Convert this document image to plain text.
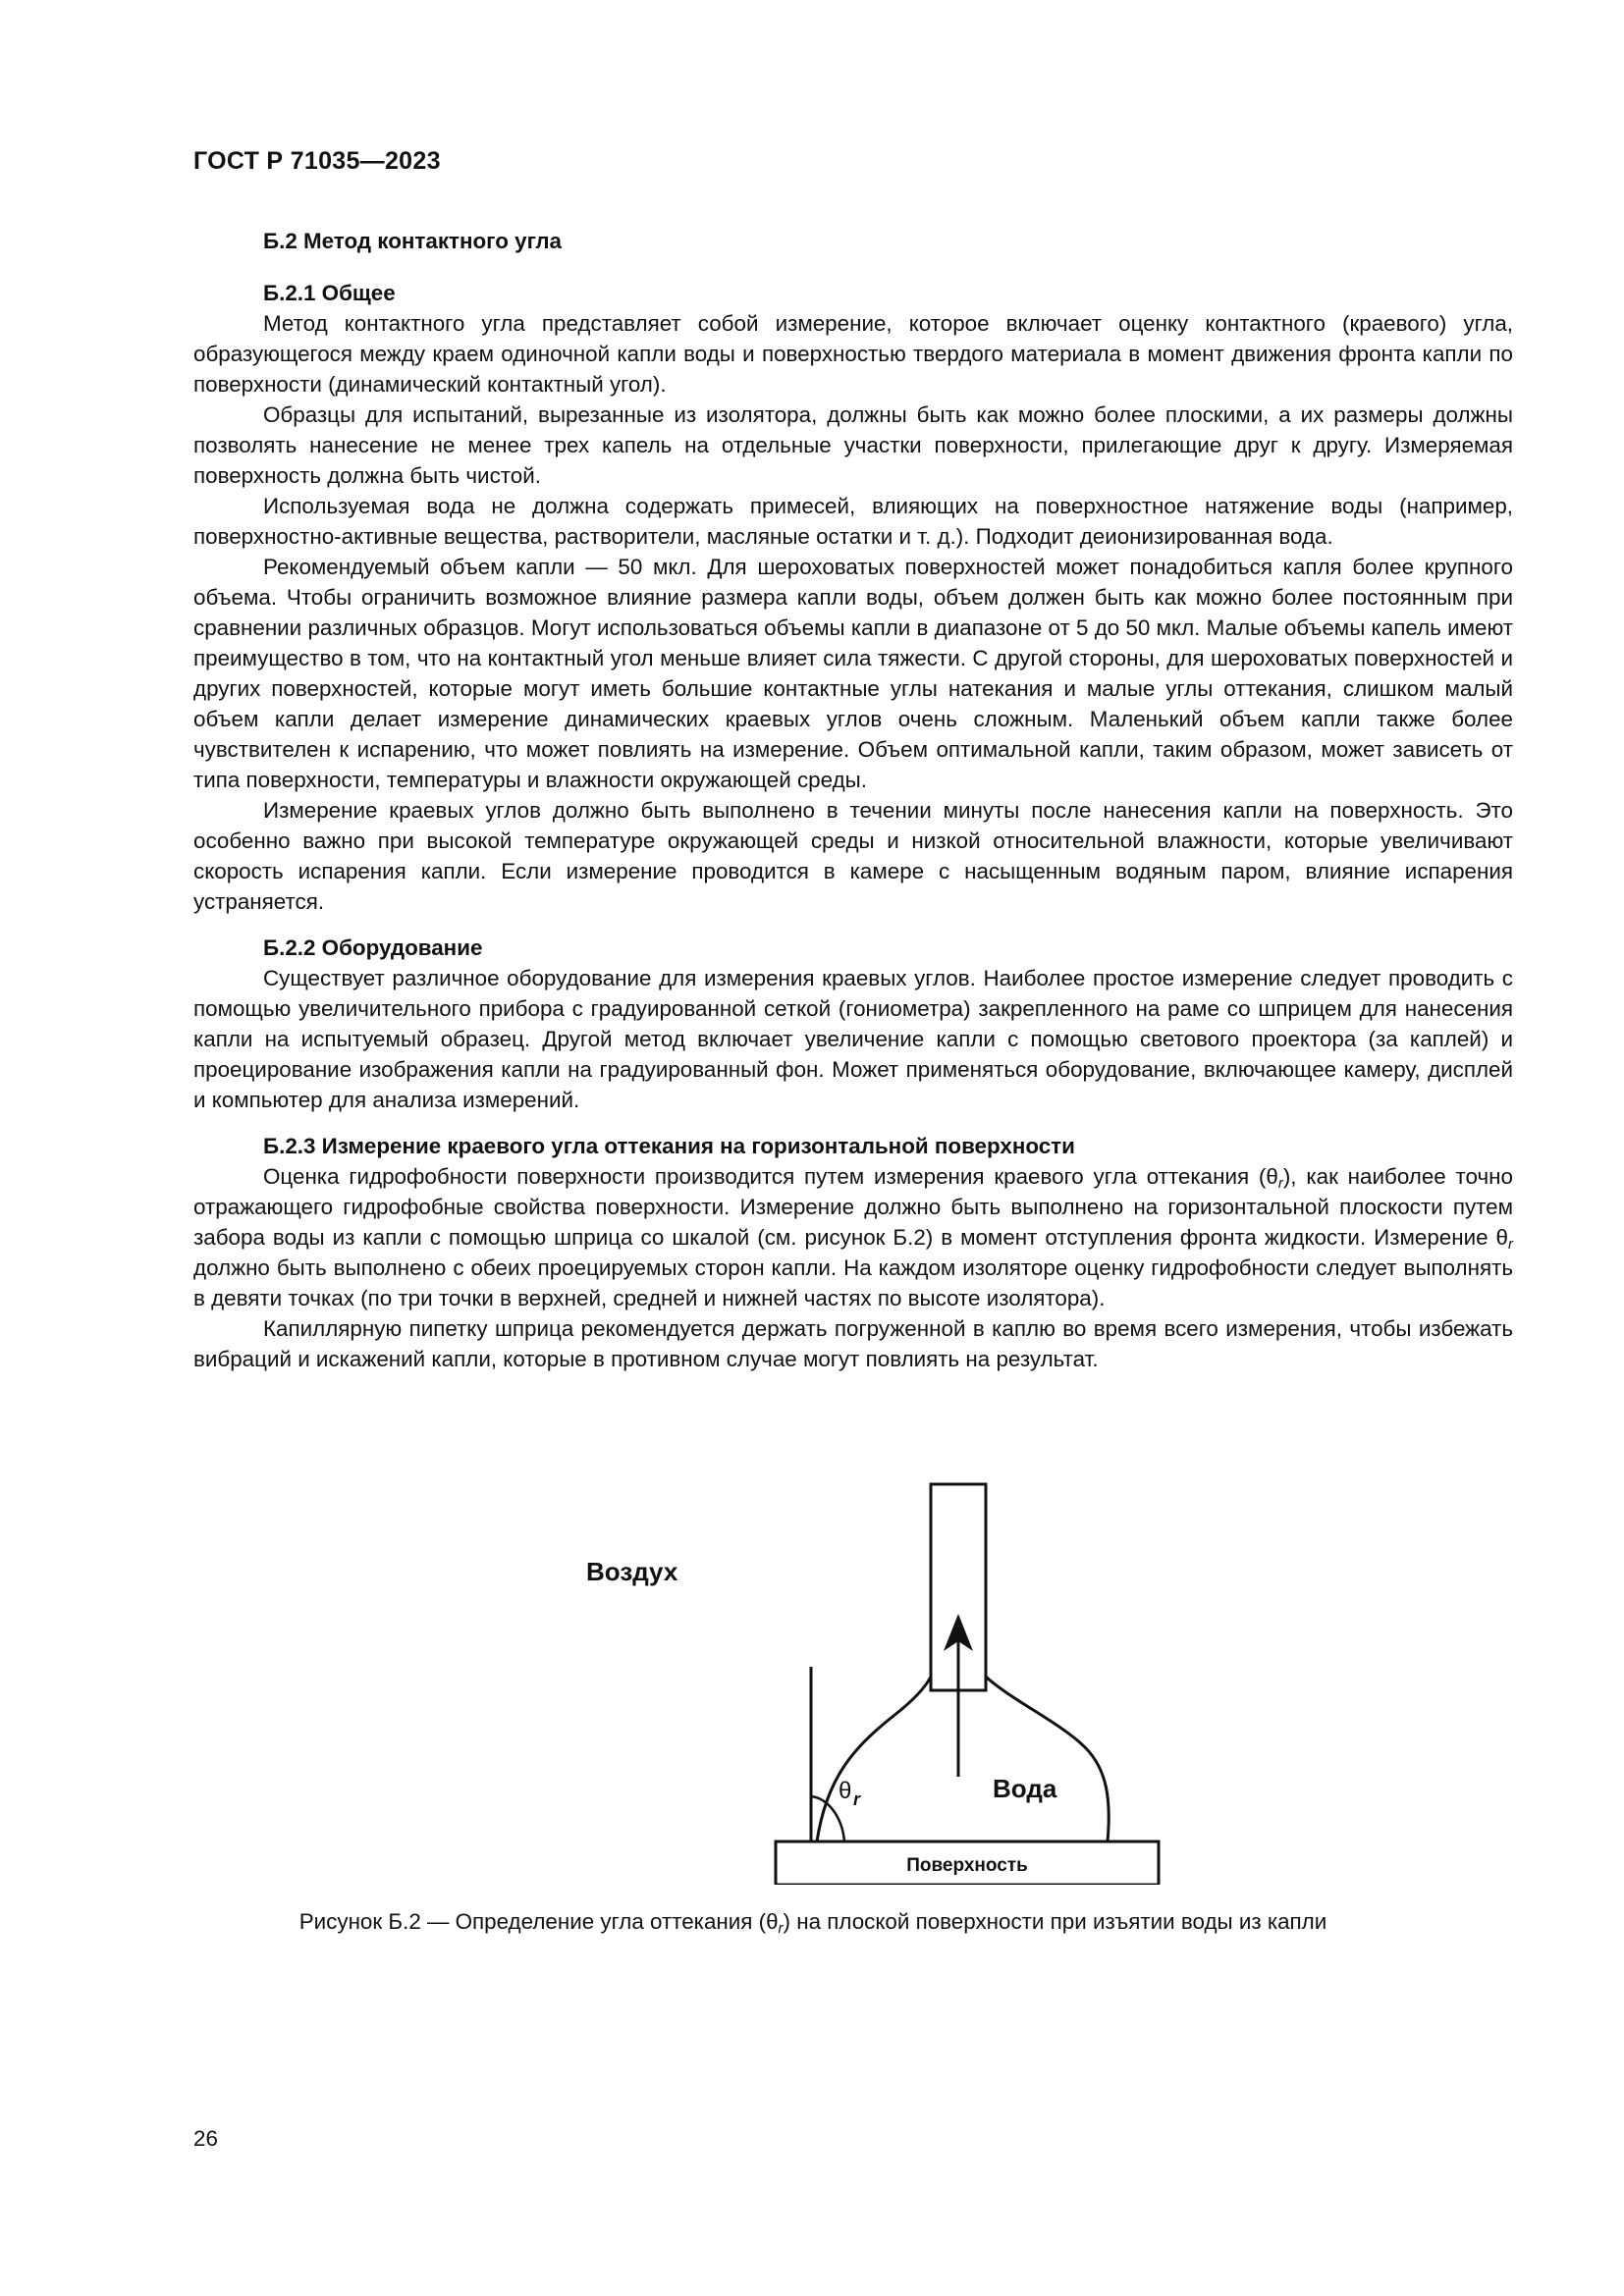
ГОСТ Р 71035—2023

Б.2 Метод контактного угла

Б.2.1 Общее

Метод контактного угла представляет собой измерение, которое включает оценку контактного (краевого) угла, образующегося между краем одиночной капли воды и поверхностью твердого материала в момент движения фронта капли по поверхности (динамический контактный угол).

Образцы для испытаний, вырезанные из изолятора, должны быть как можно более плоскими, а их размеры должны позволять нанесение не менее трех капель на отдельные участки поверхности, прилегающие друг к другу. Измеряемая поверхность должна быть чистой.

Используемая вода не должна содержать примесей, влияющих на поверхностное натяжение воды (например, поверхностно-активные вещества, растворители, масляные остатки и т. д.). Подходит деионизированная вода.

Рекомендуемый объем капли — 50 мкл. Для шероховатых поверхностей может понадобиться капля более крупного объема. Чтобы ограничить возможное влияние размера капли воды, объем должен быть как можно более постоянным при сравнении различных образцов. Могут использоваться объемы капли в диапазоне от 5 до 50 мкл. Малые объемы капель имеют преимущество в том, что на контактный угол меньше влияет сила тяжести. С другой стороны, для шероховатых поверхностей и других поверхностей, которые могут иметь большие контактные углы натекания и малые углы оттекания, слишком малый объем капли делает измерение динамических краевых углов очень сложным. Маленький объем капли также более чувствителен к испарению, что может повлиять на измерение. Объем оптимальной капли, таким образом, может зависеть от типа поверхности, температуры и влажности окружающей среды.

Измерение краевых углов должно быть выполнено в течении минуты после нанесения капли на поверхность. Это особенно важно при высокой температуре окружающей среды и низкой относительной влажности, которые увеличивают скорость испарения капли. Если измерение проводится в камере с насыщенным водяным паром, влияние испарения устраняется.

Б.2.2 Оборудование

Существует различное оборудование для измерения краевых углов. Наиболее простое измерение следует проводить с помощью увеличительного прибора с градуированной сеткой (гониометра) закрепленного на раме со шприцем для нанесения капли на испытуемый образец. Другой метод включает увеличение капли с помощью светового проектора (за каплей) и проецирование изображения капли на градуированный фон. Может применяться оборудование, включающее камеру, дисплей и компьютер для анализа измерений.

Б.2.3 Измерение краевого угла оттекания на горизонтальной поверхности

Оценка гидрофобности поверхности производится путем измерения краевого угла оттекания $(\theta_r)$, как наиболее точно отражающего гидрофобные свойства поверхности. Измерение должно быть выполнено на горизонтальной плоскости путем забора воды из капли с помощью шприца со шкалой (см. рисунок Б.2) в момент отступления фронта жидкости. Измерение $\theta_r$ должно быть выполнено с обеих проецируемых сторон капли. На каждом изоляторе оценку гидрофобности следует выполнять в девяти точках (по три точки в верхней, средней и нижней частях по высоте изолятора).

Капиллярную пипетку шприца рекомендуется держать погруженной в каплю во время всего измерения, чтобы избежать вибраций и искажений капли, которые в противном случае могут повлиять на результат.

Воздух
Вода
Поверхность
θ r
Рисунок Б.2 — Определение угла оттекания $(\theta_r)$ на плоской поверхности при изъятии воды из капли
26
